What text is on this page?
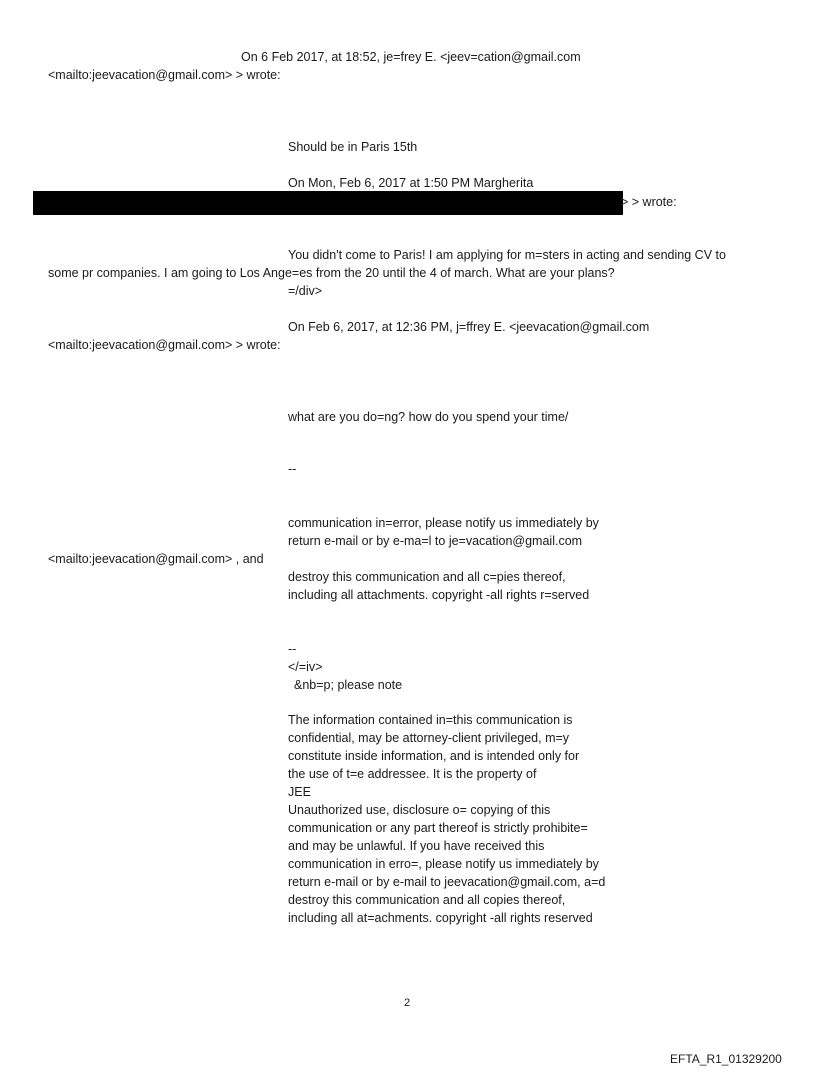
On 6 Feb 2017, at 18:52, je=frey E. <jeev=cation@gmail.com
<mailto:jeevacation@gmail.com> > wrote:
Should be in Paris 15th
On Mon, Feb 6, 2017 at 1:50 PM Margherita
> > wrote:
You didn't come to Paris! I am applying for m=sters in acting and sending CV to
some pr companies. I am going to Los Ange=es from the 20 until the 4 of march. What are your plans?
=/div>
On Feb 6, 2017, at 12:36 PM, j=ffrey E. <jeevacation@gmail.com
<mailto:jeevacation@gmail.com> > wrote:
what are you do=ng? how do you spend your time/
--
communication in=error, please notify us immediately by
return e-mail or by e-ma=l to je=vacation@gmail.com
<mailto:jeevacation@gmail.com> , and
destroy this communication and all c=pies thereof,
including all attachments. copyright -all rights r=served
--
</=iv>
&nb=p; please note
The information contained in=this communication is
confidential, may be attorney-client privileged, m=y
constitute inside information, and is intended only for
the use of t=e addressee. It is the property of
JEE
Unauthorized use, disclosure o= copying of this
communication or any part thereof is strictly prohibite=
and may be unlawful. If you have received this
communication in erro=, please notify us immediately by
return e-mail or by e-mail to jeevacation@gmail.com, a=d
destroy this communication and all copies thereof,
including all at=achments. copyright -all rights reserved
2
EFTA_R1_01329200
